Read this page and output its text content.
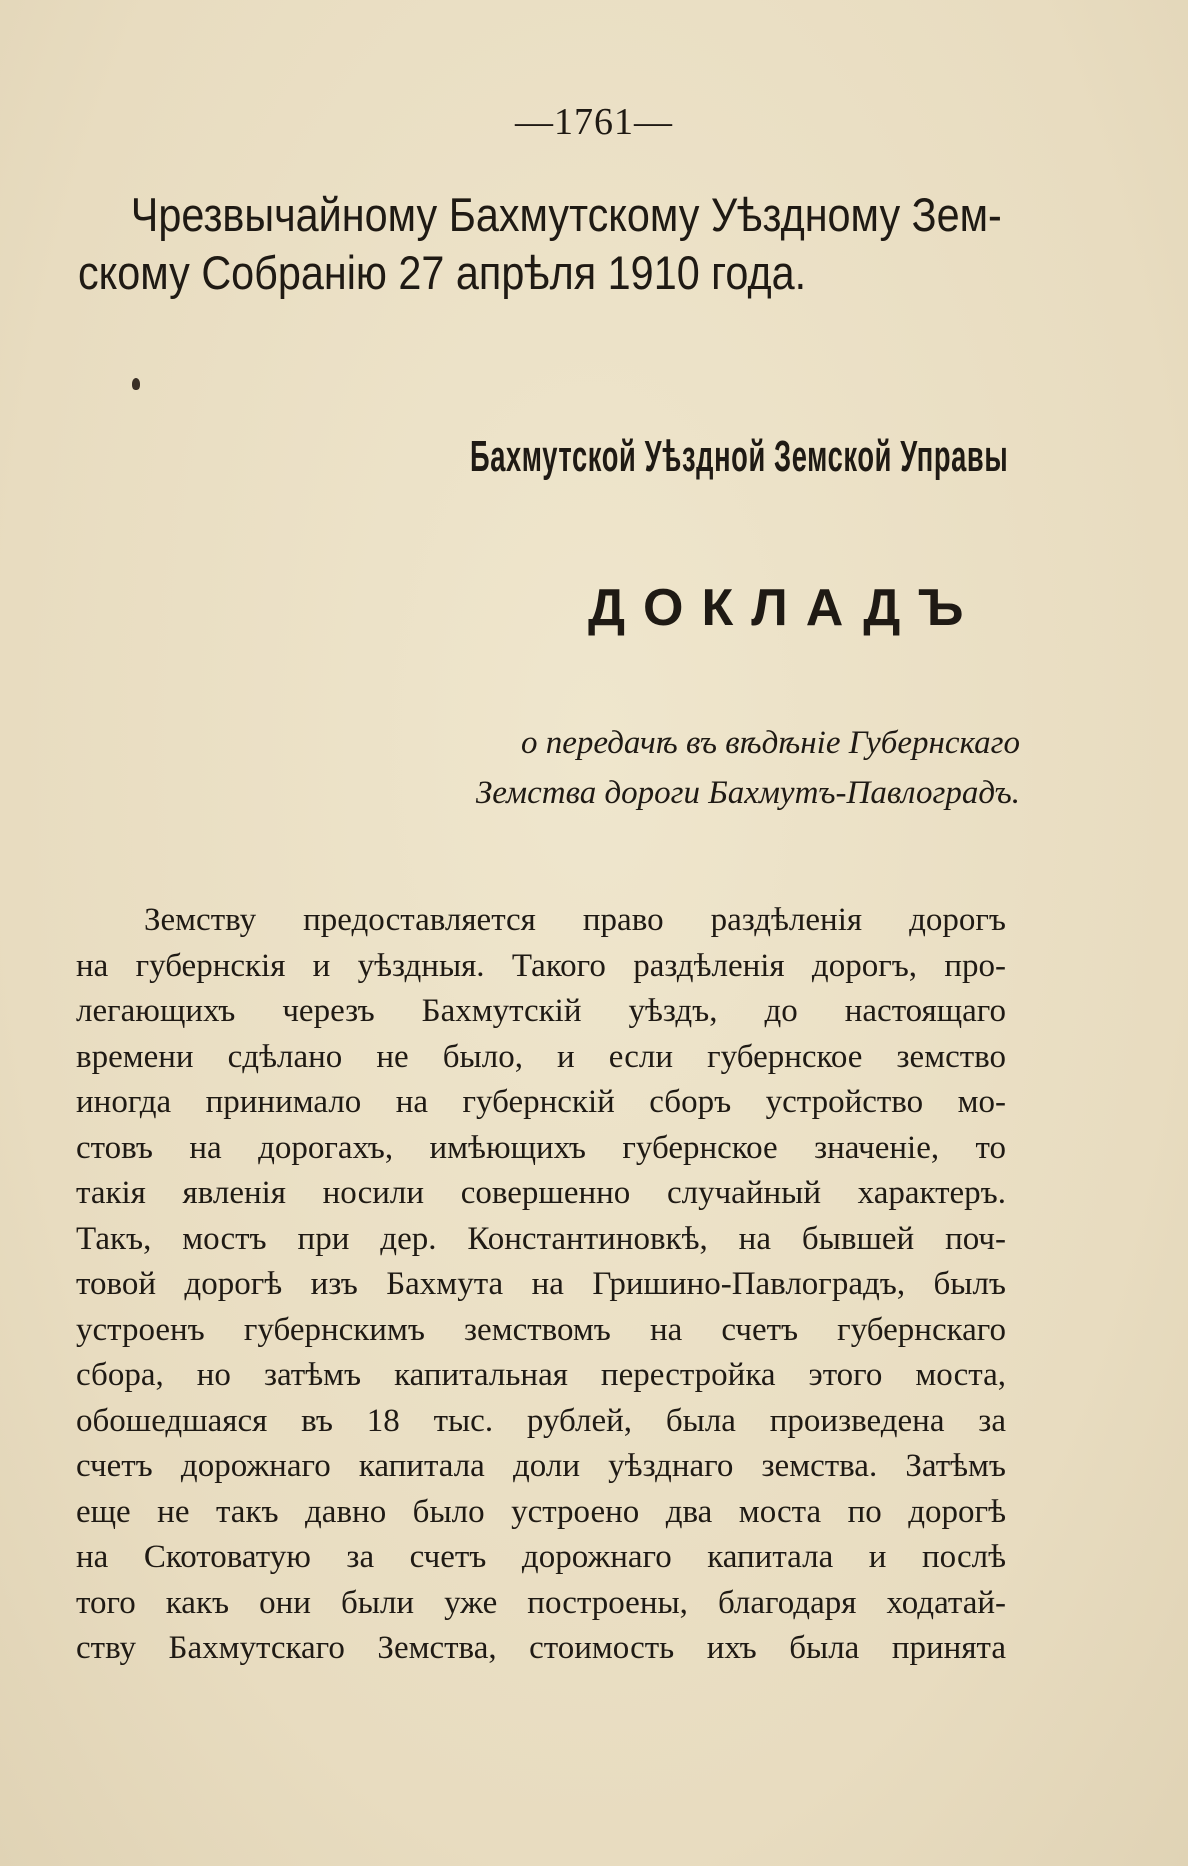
—1761—
Чрезвычайному Бахмутскому Уѣздному Зем-
скому Собранію 27 апрѣля 1910 года.
Бахмутской Уѣздной Земской Управы
ДОКЛАДЪ

о передачѣ въ вѣдѣніе Губернскаго
Земства дороги Бахмутъ-Павлоградъ.

Земству предоставляется право раздѣленія дорогъ
на губернскія и уѣздныя. Такого раздѣленія дорогъ, про-
легающихъ черезъ Бахмутскій уѣздъ, до настоящаго
времени сдѣлано не было, и если губернское земство
иногда принимало на губернскій сборъ устройство мо-
стовъ на дорогахъ, имѣющихъ губернское значеніе, то
такія явленія носили совершенно случайный характеръ.
Такъ, мостъ при дер. Константиновкѣ, на бывшей поч-
товой дорогѣ изъ Бахмута на Гришино-Павлоградъ, былъ
устроенъ губернскимъ земствомъ на счетъ губернскаго
сбора, но затѣмъ капитальная перестройка этого моста,
обошедшаяся въ 18 тыс. рублей, была произведена за
счетъ дорожнаго капитала доли уѣзднаго земства. Затѣмъ
еще не такъ давно было устроено два моста по дорогѣ
на Скотоватую за счетъ дорожнаго капитала и послѣ
того какъ они были уже построены, благодаря ходатай-
ству Бахмутскаго Земства, стоимость ихъ была принята
